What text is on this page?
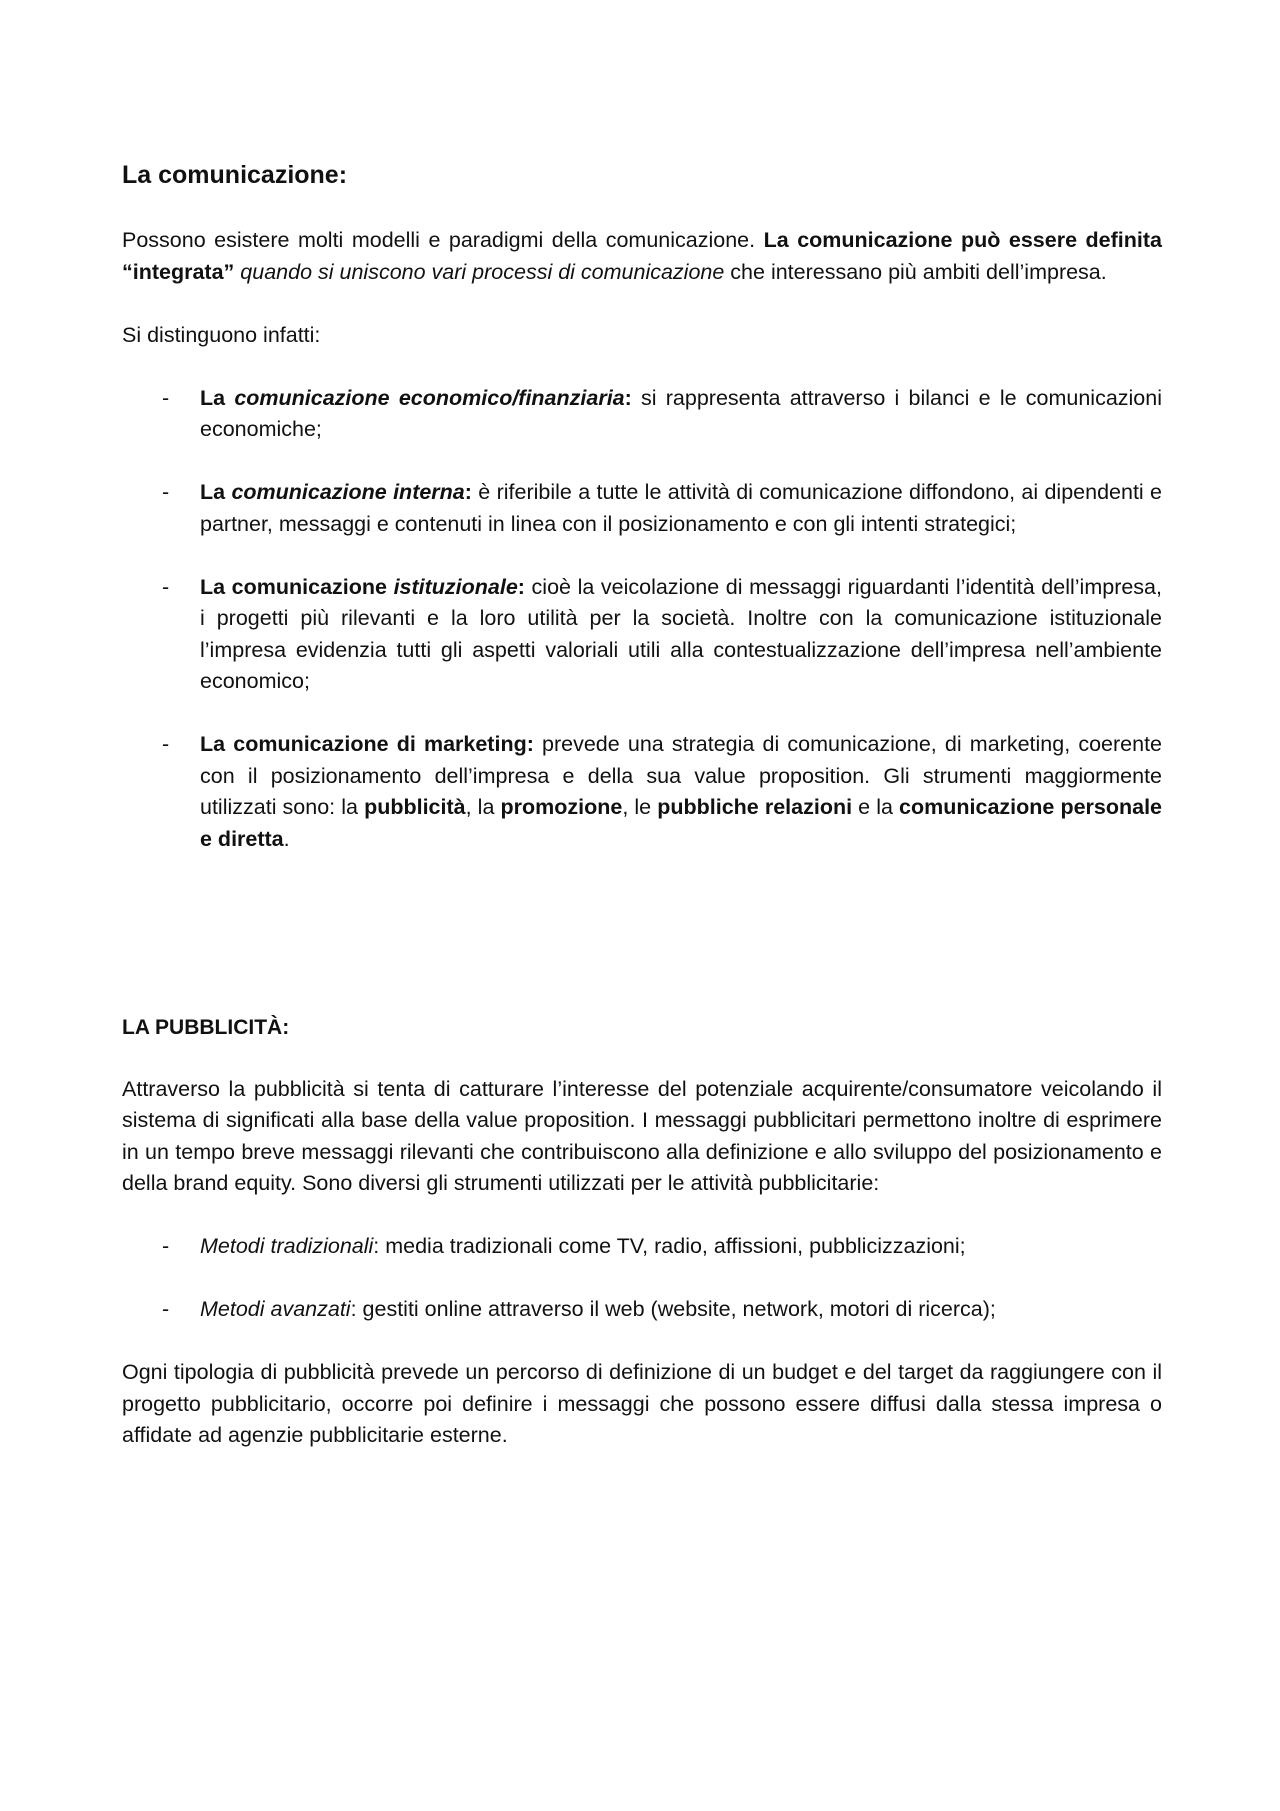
La comunicazione:

Possono esistere molti modelli e paradigmi della comunicazione. La comunicazione può essere definita “integrata” quando si uniscono vari processi di comunicazione che interessano più ambiti dell’impresa.

Si distinguono infatti:

- La comunicazione economico/finanziaria: si rappresenta attraverso i bilanci e le comunicazioni economiche;
- La comunicazione interna: è riferibile a tutte le attività di comunicazione diffondono, ai dipendenti e partner, messaggi e contenuti in linea con il posizionamento e con gli intenti strategici;
- La comunicazione istituzionale: cioè la veicolazione di messaggi riguardanti l’identità dell’impresa, i progetti più rilevanti e la loro utilità per la società. Inoltre con la comunicazione istituzionale l’impresa evidenzia tutti gli aspetti valoriali utili alla contestualizzazione dell’impresa nell’ambiente economico;
- La comunicazione di marketing: prevede una strategia di comunicazione, di marketing, coerente con il posizionamento dell’impresa e della sua value proposition. Gli strumenti maggiormente utilizzati sono: la pubblicità, la promozione, le pubbliche relazioni e la comunicazione personale e diretta.
LA PUBBLICITÀ:

Attraverso la pubblicità si tenta di catturare l’interesse del potenziale acquirente/consumatore veicolando il sistema di significati alla base della value proposition. I messaggi pubblicitari permettono inoltre di esprimere in un tempo breve messaggi rilevanti che contribuiscono alla definizione e allo sviluppo del posizionamento e della brand equity. Sono diversi gli strumenti utilizzati per le attività pubblicitarie:

- Metodi tradizionali: media tradizionali come TV, radio, affissioni, pubblicizzazioni;
- Metodi avanzati: gestiti online attraverso il web (website, network, motori di ricerca);

Ogni tipologia di pubblicità prevede un percorso di definizione di un budget e del target da raggiungere con il progetto pubblicitario, occorre poi definire i messaggi che possono essere diffusi dalla stessa impresa o affidate ad agenzie pubblicitarie esterne.
